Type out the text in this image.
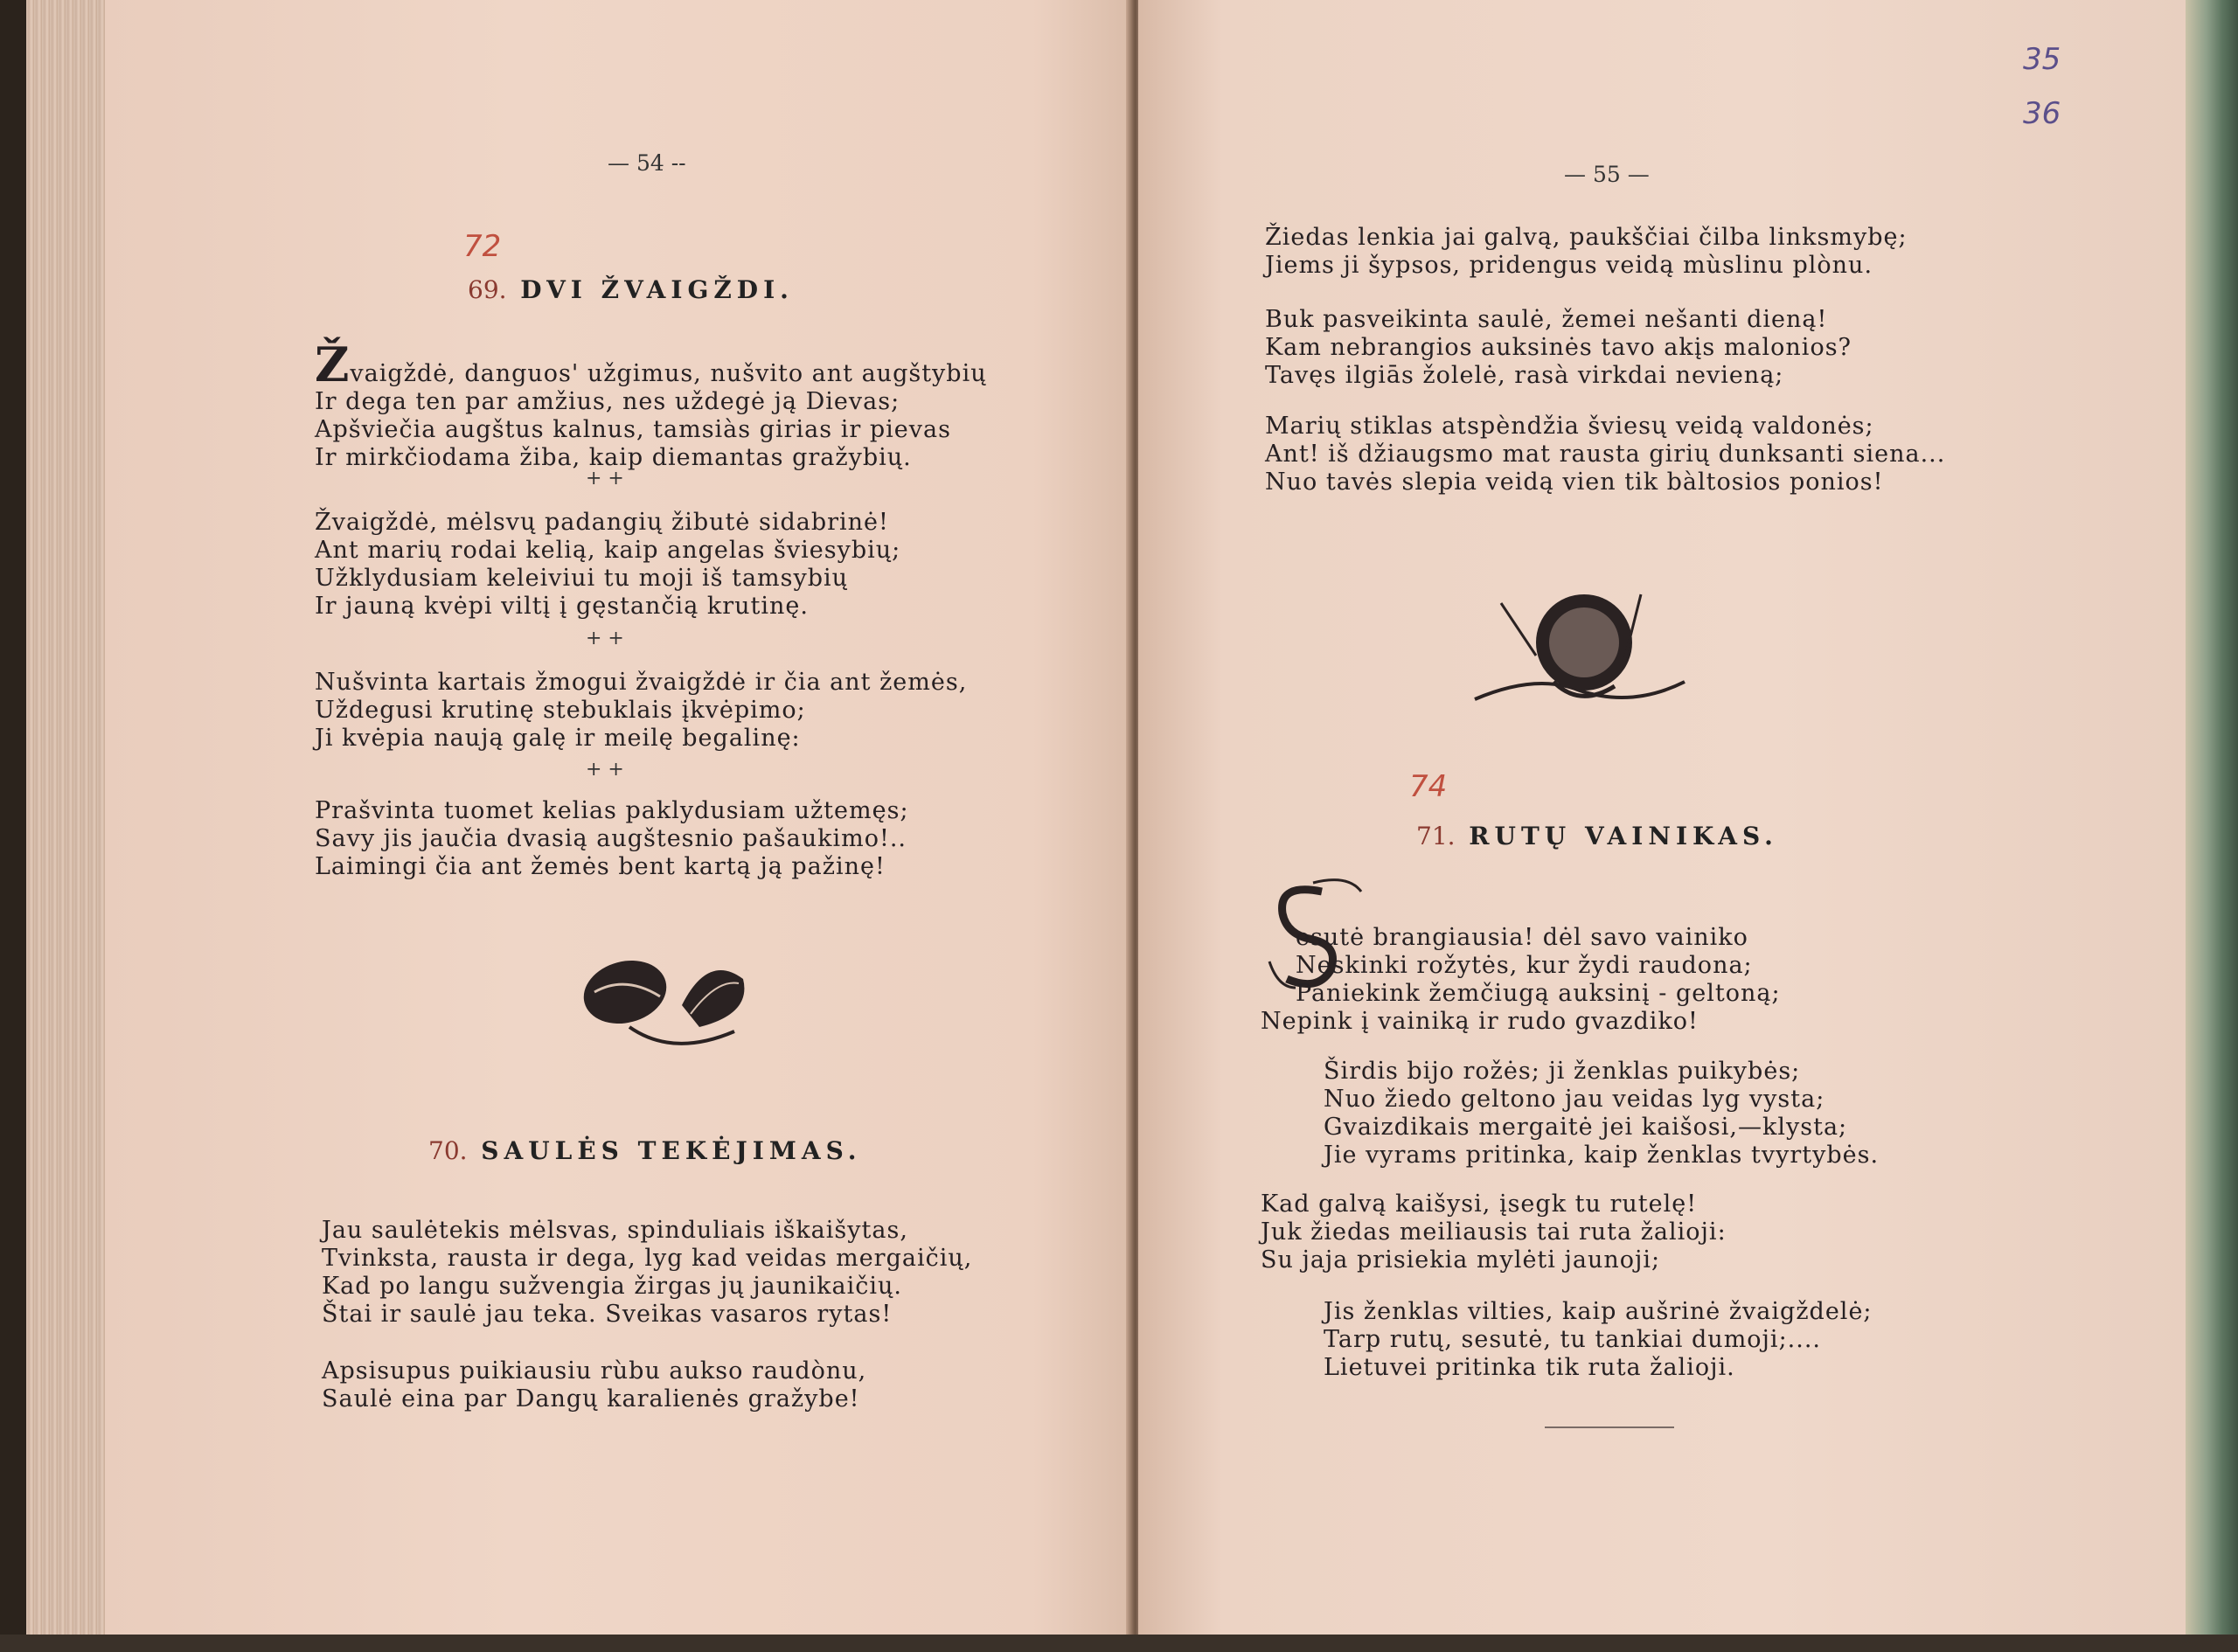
— 54 --
72
69. DVI ŽVAIGŽDI.
Žvaigždė, danguos' užgimus, nušvito ant augštybių
Ir dega ten par amžius, nes uždegė ją Dievas;
Apšviečia augštus kalnus, tamsiàs girias ir pievas
Ir mirkčiodama žiba, kaip diemantas gražybių.
+ +
Žvaigždė, mėlsvų padangių žibutė sidabrinė!
Ant marių rodai kelią, kaip angelas šviesybių;
Užklydusiam keleiviui tu moji iš tamsybių
Ir jauną kvėpi viltį į gęstančią krutinę.
+ +
Nušvinta kartais žmogui žvaigždė ir čia ant žemės,
Uždegusi krutinę stebuklais įkvėpimo;
Ji kvėpia naują galę ir meilę begalinę:
+ +
Prašvinta tuomet kelias paklydusiam užtemęs;
Savy jis jaučia dvasią augštesnio pašaukimo!..
Laimingi čia ant žemės bent kartą ją pažinę!
70. SAULĖS TEKĖJIMAS.
Jau saulėtekis mėlsvas, spinduliais iškaišytas,
Tvinksta, rausta ir dega, lyg kad veidas mergaičių,
Kad po langu sužvengia žirgas jų jaunikaičių.
Štai ir saulė jau teka. Sveikas vasaros rytas!
Apsisupus puikiausiu rùbu aukso raudònu,
Saulė eina par Dangų karalienės gražybe!
— 55 —
35
36
Žiedas lenkia jai galvą, paukščiai čilba linksmybę;
Jiems ji šypsos, pridengus veidą mùslinu plònu.
Buk pasveikinta saulė, žemei nešanti dieną!
Kam nebrangios auksinės tavo akįs malonios?
Tavęs ilgiās žolelė, rasà virkdai nevieną;
Marių stiklas atspèndžia šviesų veidą valdonės;
Ant! iš džiaugsmo mat rausta girių dunksanti siena...
Nuo tavės slepia veidą vien tik bàltosios ponios!
74
71. RUTŲ VAINIKAS.
esutė brangiausia! dėl savo vainiko
Neskinki rožytės, kur žydi raudona;
Paniekink žemčiugą auksinį - geltoną;
Nepink į vainiką ir rudo gvazdiko!
Širdis bijo rožės; ji ženklas puikybės;
Nuo žiedo geltono jau veidas lyg vysta;
Gvaizdikais mergaitė jei kaišosi,—klysta;
Jie vyrams pritinka, kaip ženklas tvyrtybės.
Kad galvą kaišysi, įsegk tu rutelę!
Juk žiedas meiliausis tai ruta žalioji:
Su jaja prisiekia mylėti jaunoji;
Jis ženklas vilties, kaip aušrinė žvaigždelė;
Tarp rutų, sesutė, tu tankiai dumoji;....
Lietuvei pritinka tik ruta žalioji.
